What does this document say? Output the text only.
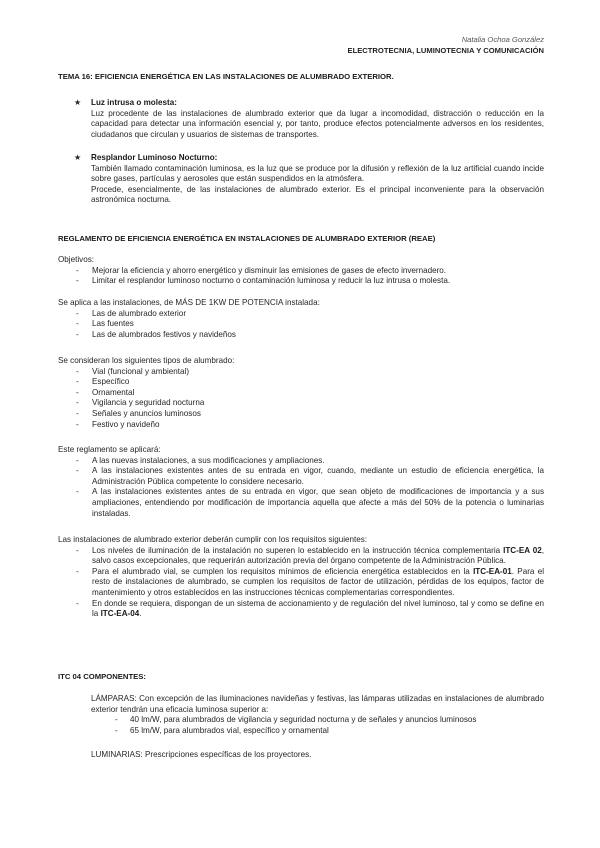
Natalia Ochoa González
ELECTROTECNIA, LUMINOTECNIA Y COMUNICACIÓN
TEMA 16: EFICIENCIA ENERGÉTICA EN LAS INSTALACIONES DE ALUMBRADO EXTERIOR.
★	Luz intrusa o molesta:
Luz procedente de las instalaciones de alumbrado exterior que da lugar a incomodidad, distracción o reducción en la capacidad para detectar una información esencial y, por tanto, produce efectos potencialmente adversos en los residentes, ciudadanos que circulan y usuarios de sistemas de transportes.
★	Resplandor Luminoso Nocturno:
También llamado contaminación luminosa, es la luz que se produce por la difusión y reflexión de la luz artificial cuando incide sobre gases, partículas y aerosoles que están suspendidos en la atmósfera.
Procede, esencialmente, de las instalaciones de alumbrado exterior. Es el principal inconveniente para la observación astronómica nocturna.
REGLAMENTO DE EFICIENCIA ENERGÉTICA EN INSTALACIONES DE ALUMBRADO EXTERIOR (REAE)
Objetivos:
- Mejorar la eficiencia y ahorro energético y disminuir las emisiones de gases de efecto invernadero.
- Limitar el resplandor luminoso nocturno o contaminación luminosa y reducir la luz intrusa o molesta.
Se aplica a las instalaciones, de MÁS DE 1KW DE POTENCIA instalada:
- Las de alumbrado exterior
- Las fuentes
- Las de alumbrados festivos y navideños
Se consideran los siguientes tipos de alumbrado:
- Vial (funcional y ambiental)
- Específico
- Ornamental
- Vigilancia y seguridad nocturna
- Señales y anuncios luminosos
- Festivo y navideño
Este reglamento se aplicará:
- A las nuevas instalaciones, a sus modificaciones y ampliaciones.
- A las instalaciones existentes antes de su entrada en vigor, cuando, mediante un estudio de eficiencia energética, la Administración Pública competente lo considere necesario.
- A las instalaciones existentes antes de su entrada en vigor, que sean objeto de modificaciones de importancia y a sus ampliaciones, entendiendo por modificación de importancia aquella que afecte a más del 50% de la potencia o luminarias instaladas.
Las instalaciones de alumbrado exterior deberán cumplir con los requisitos siguientes:
- Los niveles de iluminación de la instalación no superen lo establecido en la instrucción técnica complementaria ITC-EA 02, salvo casos excepcionales, que requerirán autorización previa del órgano competente de la Administración Pública.
- Para el alumbrado vial, se cumplen los requisitos mínimos de eficiencia energética establecidos en la ITC-EA-01. Para el resto de instalaciones de alumbrado, se cumplen los requisitos de factor de utilización, pérdidas de los equipos, factor de mantenimiento y otros establecidos en las instrucciones técnicas complementarias correspondientes.
- En donde se requiera, dispongan de un sistema de accionamiento y de regulación del nivel luminoso, tal y como se define en la ITC-EA-04.
ITC 04 COMPONENTES:
LÁMPARAS: Con excepción de las iluminaciones navideñas y festivas, las lámparas utilizadas en instalaciones de alumbrado exterior tendrán una eficacia luminosa superior a:
- 40 lm/W, para alumbrados de vigilancia y seguridad nocturna y de señales y anuncios luminosos
- 65 lm/W, para alumbrados vial, específico y ornamental
LUMINARIAS: Prescripciones específicas de los proyectores.
